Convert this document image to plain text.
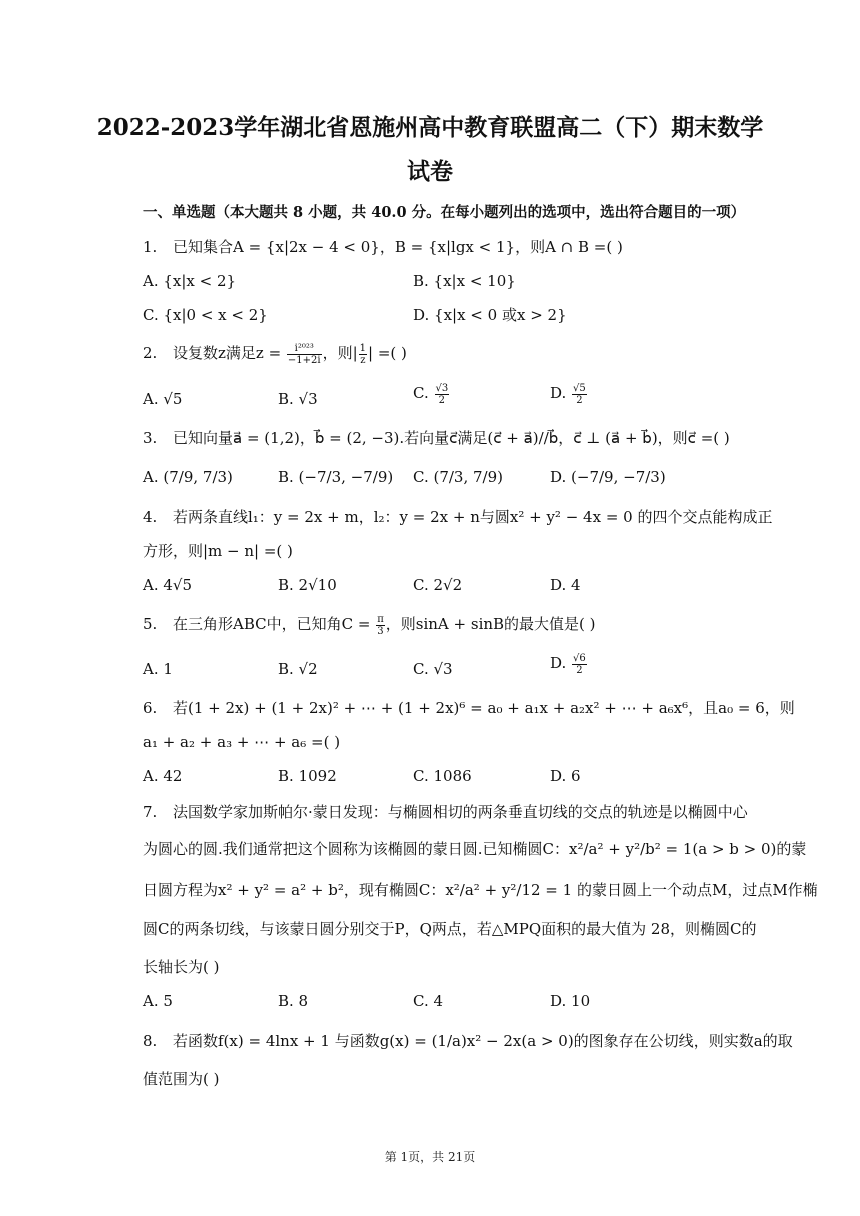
2022-2023学年湖北省恩施州高中教育联盟高二（下）期末数学
试卷
一、单选题（本大题共 8 小题，共 40.0 分。在每小题列出的选项中，选出符合题目的一项）
1. 已知集合A = {x|2x − 4 < 0}，B = {x|lgx < 1}，则A ∩ B =( )
A. {x|x < 2}	B. {x|x < 10}
C. {x|0 < x < 2}	D. {x|x < 0 或x > 2}
2. 设复数z满足$z = \frac{\text{i²⁰²³}}{-1+2i}$ ，则| $\frac{1}{z}$ | =( )
A. √5	B. √3	C. $\frac{√3}{2}$	D. $\frac{√5}{2}$
3. 已知向量a⃗ = (1,2)，b⃗ = (2, −3).若向量c⃗满足(c⃗ + a⃗)//b⃗，c⃗ ⊥ (a⃗ + b⃗)，则c⃗ =( )
A. (7/9, 7/3)	B. (−7/3, −7/9) C. (7/3, 7/9)	D. (−7/9, −7/3)
4. 若两条直线l₁：y = 2x + m，l₂：y = 2x + n与圆x² + y² − 4x = 0 的四个交点能构成正
方形，则|m − n| =( )
A. 4√5	B. 2√10	C. 2√2	D. 4
5. 在三角形ABC中，已知角$C = \frac{\pi}{3}$ ，则sinA + sinB的最大值是( )
A. 1	B. √2	C. √3	D. $\frac{√6}{2}$
6. 若(1 + 2x) + (1 + 2x)² + ⋯ + (1 + 2x)⁶ = a₀ + a₁x + a₂x² + ⋯ + a₆x⁶，且a₀ = 6，则
a₁ + a₂ + a₃ + ⋯ + a₆ =( )
A. 42	B. 1092	C. 1086	D. 6
7. 法国数学家加斯帕尔·蒙日发现：与椭圆相切的两条垂直切线的交点的轨迹是以椭圆中心
为圆心的圆.我们通常把这个圆称为该椭圆的蒙日圆.已知椭圆C：x²/a² + y²/b² = 1(a > b > 0)的蒙
日圆方程为x² + y² = a² + b²，现有椭圆C：x²/a² + y²/12 = 1 的蒙日圆上一个动点M，过点M作椭
圆C的两条切线，与该蒙日圆分别交于P，Q两点，若△MPQ面积的最大值为 28，则椭圆C的
长轴长为( )
A. 5	B. 8	C. 4	D. 10
8. 若函数f(x) = 4lnx + 1 与函数g(x) = (1/a)x² − 2x(a > 0)的图象存在公切线，则实数a的取
值范围为( )
第 1页，共 21页
